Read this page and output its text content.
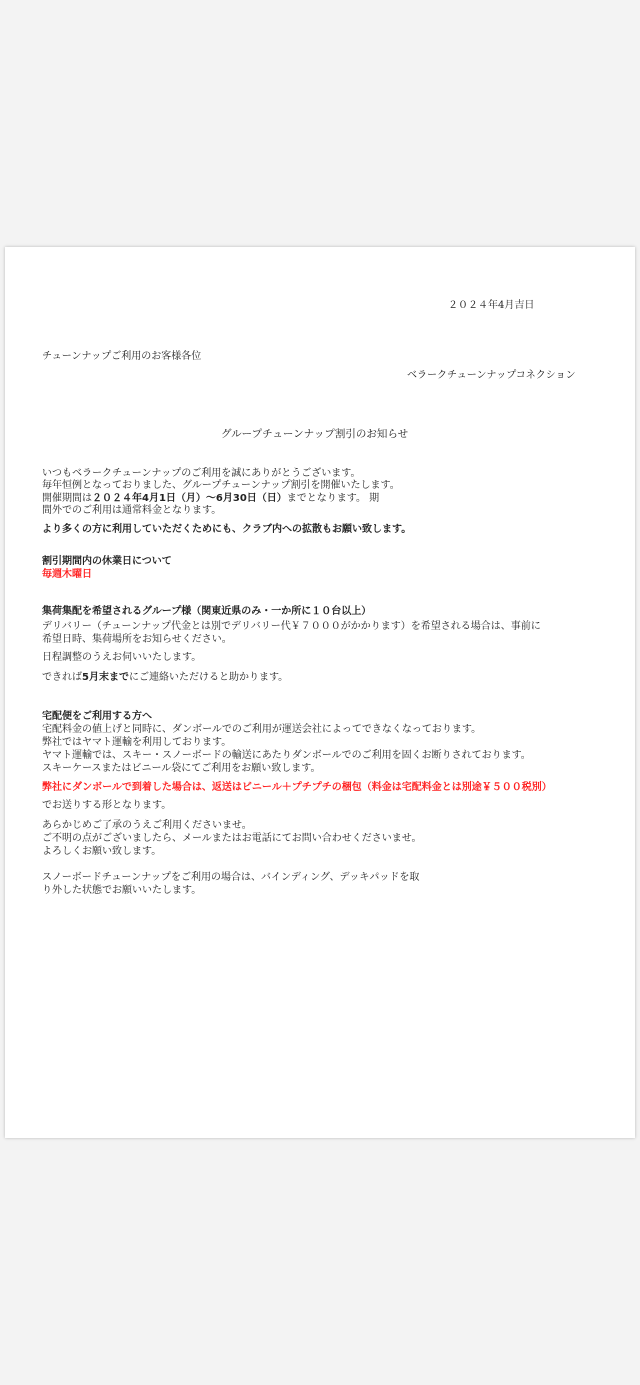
２０２４年4月吉日
チューンナップご利用のお客様各位
ベラークチューンナップコネクション
グループチューンナップ割引のお知らせ
いつもベラークチューンナップのご利用を誠にありがとうございます。
毎年恒例となっておりました、グループチューンナップ割引を開催いたします。
開催期間は２０２４年4月1日（月）〜6月30日（日）までとなります。 期
間外でのご利用は通常料金となります。
より多くの方に利用していただくためにも、クラブ内への拡散もお願い致します。
割引期間内の休業日について
毎週木曜日
集荷集配を希望されるグループ様（関東近県のみ・一か所に１０台以上）
デリバリー（チューンナップ代金とは別でデリバリー代￥７０００がかかります）を希望される場合は、事前に
希望日時、集荷場所をお知らせください。
日程調整のうえお伺いいたします。
できれば5月末までにご連絡いただけると助かります。
宅配便をご利用する方へ
宅配料金の値上げと同時に、ダンボールでのご利用が運送会社によってできなくなっております。
弊社ではヤマト運輸を利用しております。
ヤマト運輸では、スキー・スノーボードの輸送にあたりダンボールでのご利用を固くお断りされております。
スキーケースまたはビニール袋にてご利用をお願い致します。
弊社にダンボールで到着した場合は、返送はビニール＋プチプチの梱包（料金は宅配料金とは別途￥５００税別）
でお送りする形となります。
あらかじめご了承のうえご利用くださいませ。
ご不明の点がございましたら、メールまたはお電話にてお問い合わせくださいませ。
よろしくお願い致します。
スノーボードチューンナップをご利用の場合は、バインディング、デッキパッドを取
り外した状態でお願いいたします。
